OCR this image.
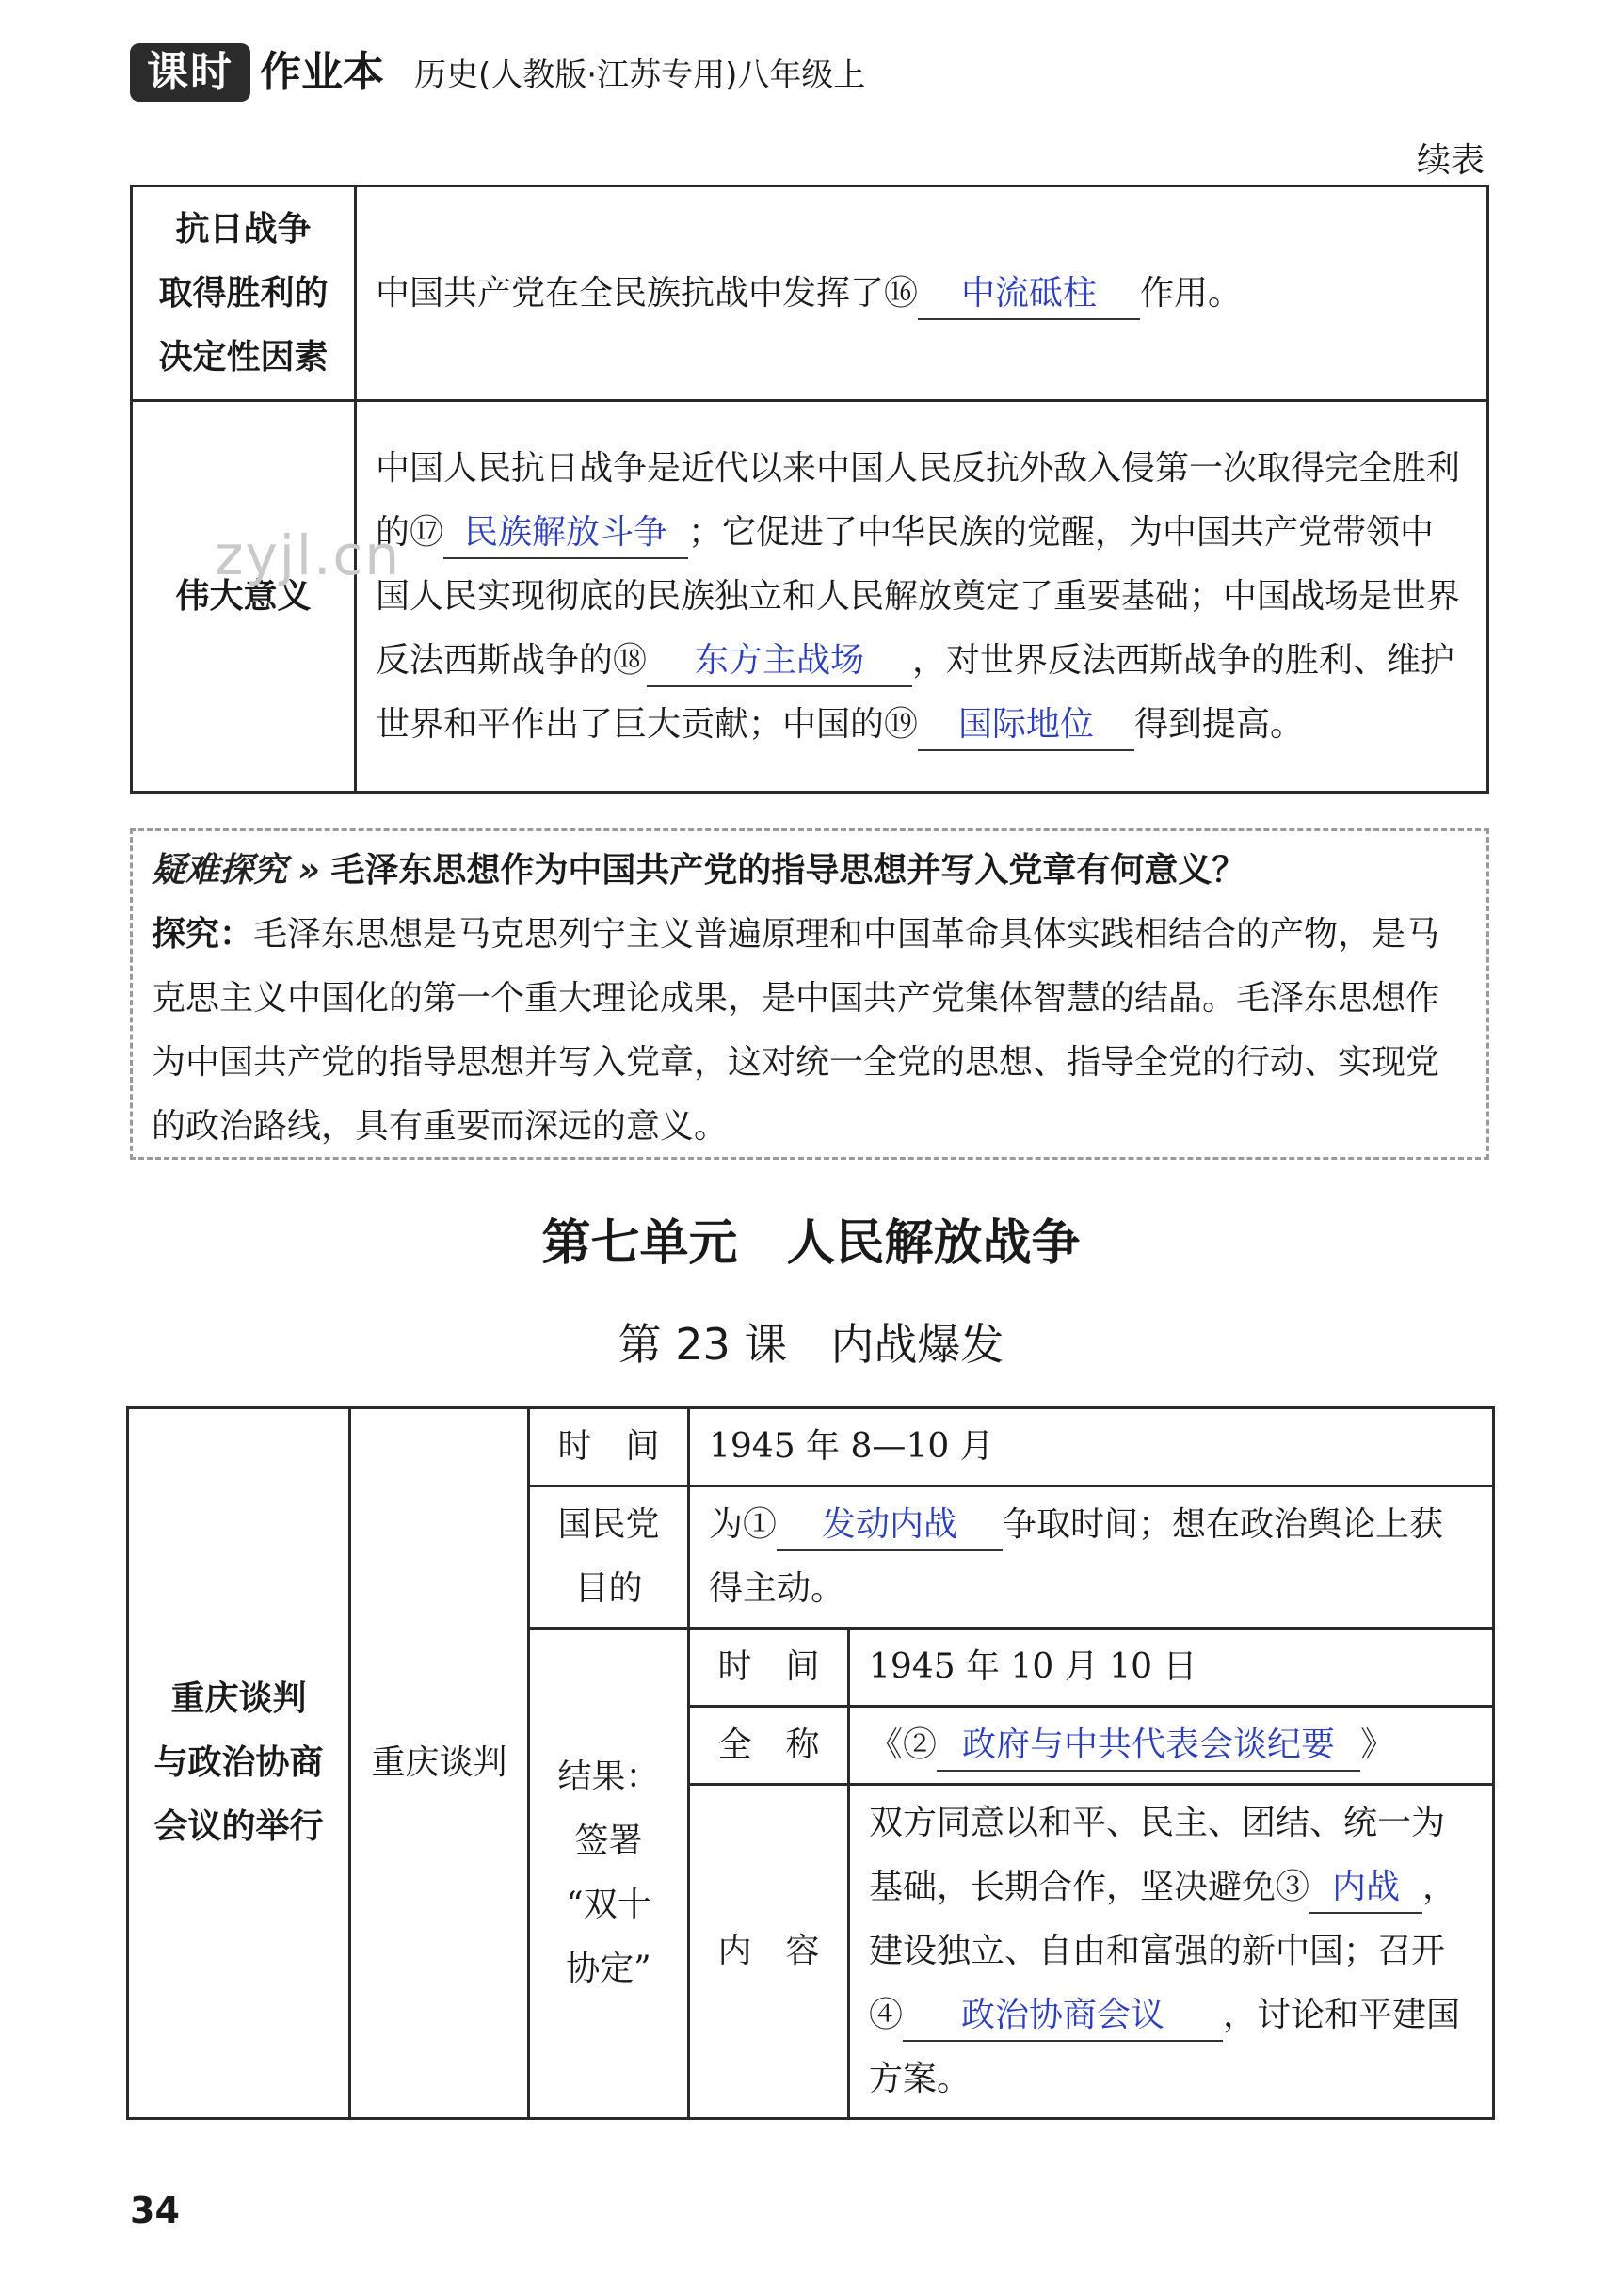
课时 作业本 历史(人教版·江苏专用)八年级上
续表
抗日战争
取得胜利的
决定性因素	中国共产党在全民族抗战中发挥了⑯ 中流砥柱 作用。
伟大意义	中国人民抗日战争是近代以来中国人民反抗外敌入侵第一次取得完全胜利的⑰ 民族解放斗争 ；它促进了中华民族的觉醒，为中国共产党带领中国人民实现彻底的民族独立和人民解放奠定了重要基础；中国战场是世界反法西斯战争的⑱ 东方主战场 ，对世界反法西斯战争的胜利、维护世界和平作出了巨大贡献；中国的⑲ 国际地位 得到提高。
zyjl.cn
疑难探究 » 毛泽东思想作为中国共产党的指导思想并写入党章有何意义？
探究：毛泽东思想是马克思列宁主义普遍原理和中国革命具体实践相结合的产物，是马克思主义中国化的第一个重大理论成果，是中国共产党集体智慧的结晶。毛泽东思想作为中国共产党的指导思想并写入党章，这对统一全党的思想、指导全党的行动、实现党的政治路线，具有重要而深远的意义。
第七单元　人民解放战争
第 23 课　内战爆发
重庆谈判
与政治协商
会议的举行	重庆谈判	时　间	1945 年 8—10 月	

		国民党
目的	为① 发动内战 争取时间；想在政治舆论上获得主动。	

		结果：
签署
“双十
协定”	时　间	1945 年 10 月 10 日
			全　称	《② 政府与中共代表会谈纪要 》
			内　容	双方同意以和平、民主、团结、统一为基础，长期合作，坚决避免③ 内战 ，建设独立、自由和富强的新中国；召开④ 政治协商会议 ，讨论和平建国方案。
34
